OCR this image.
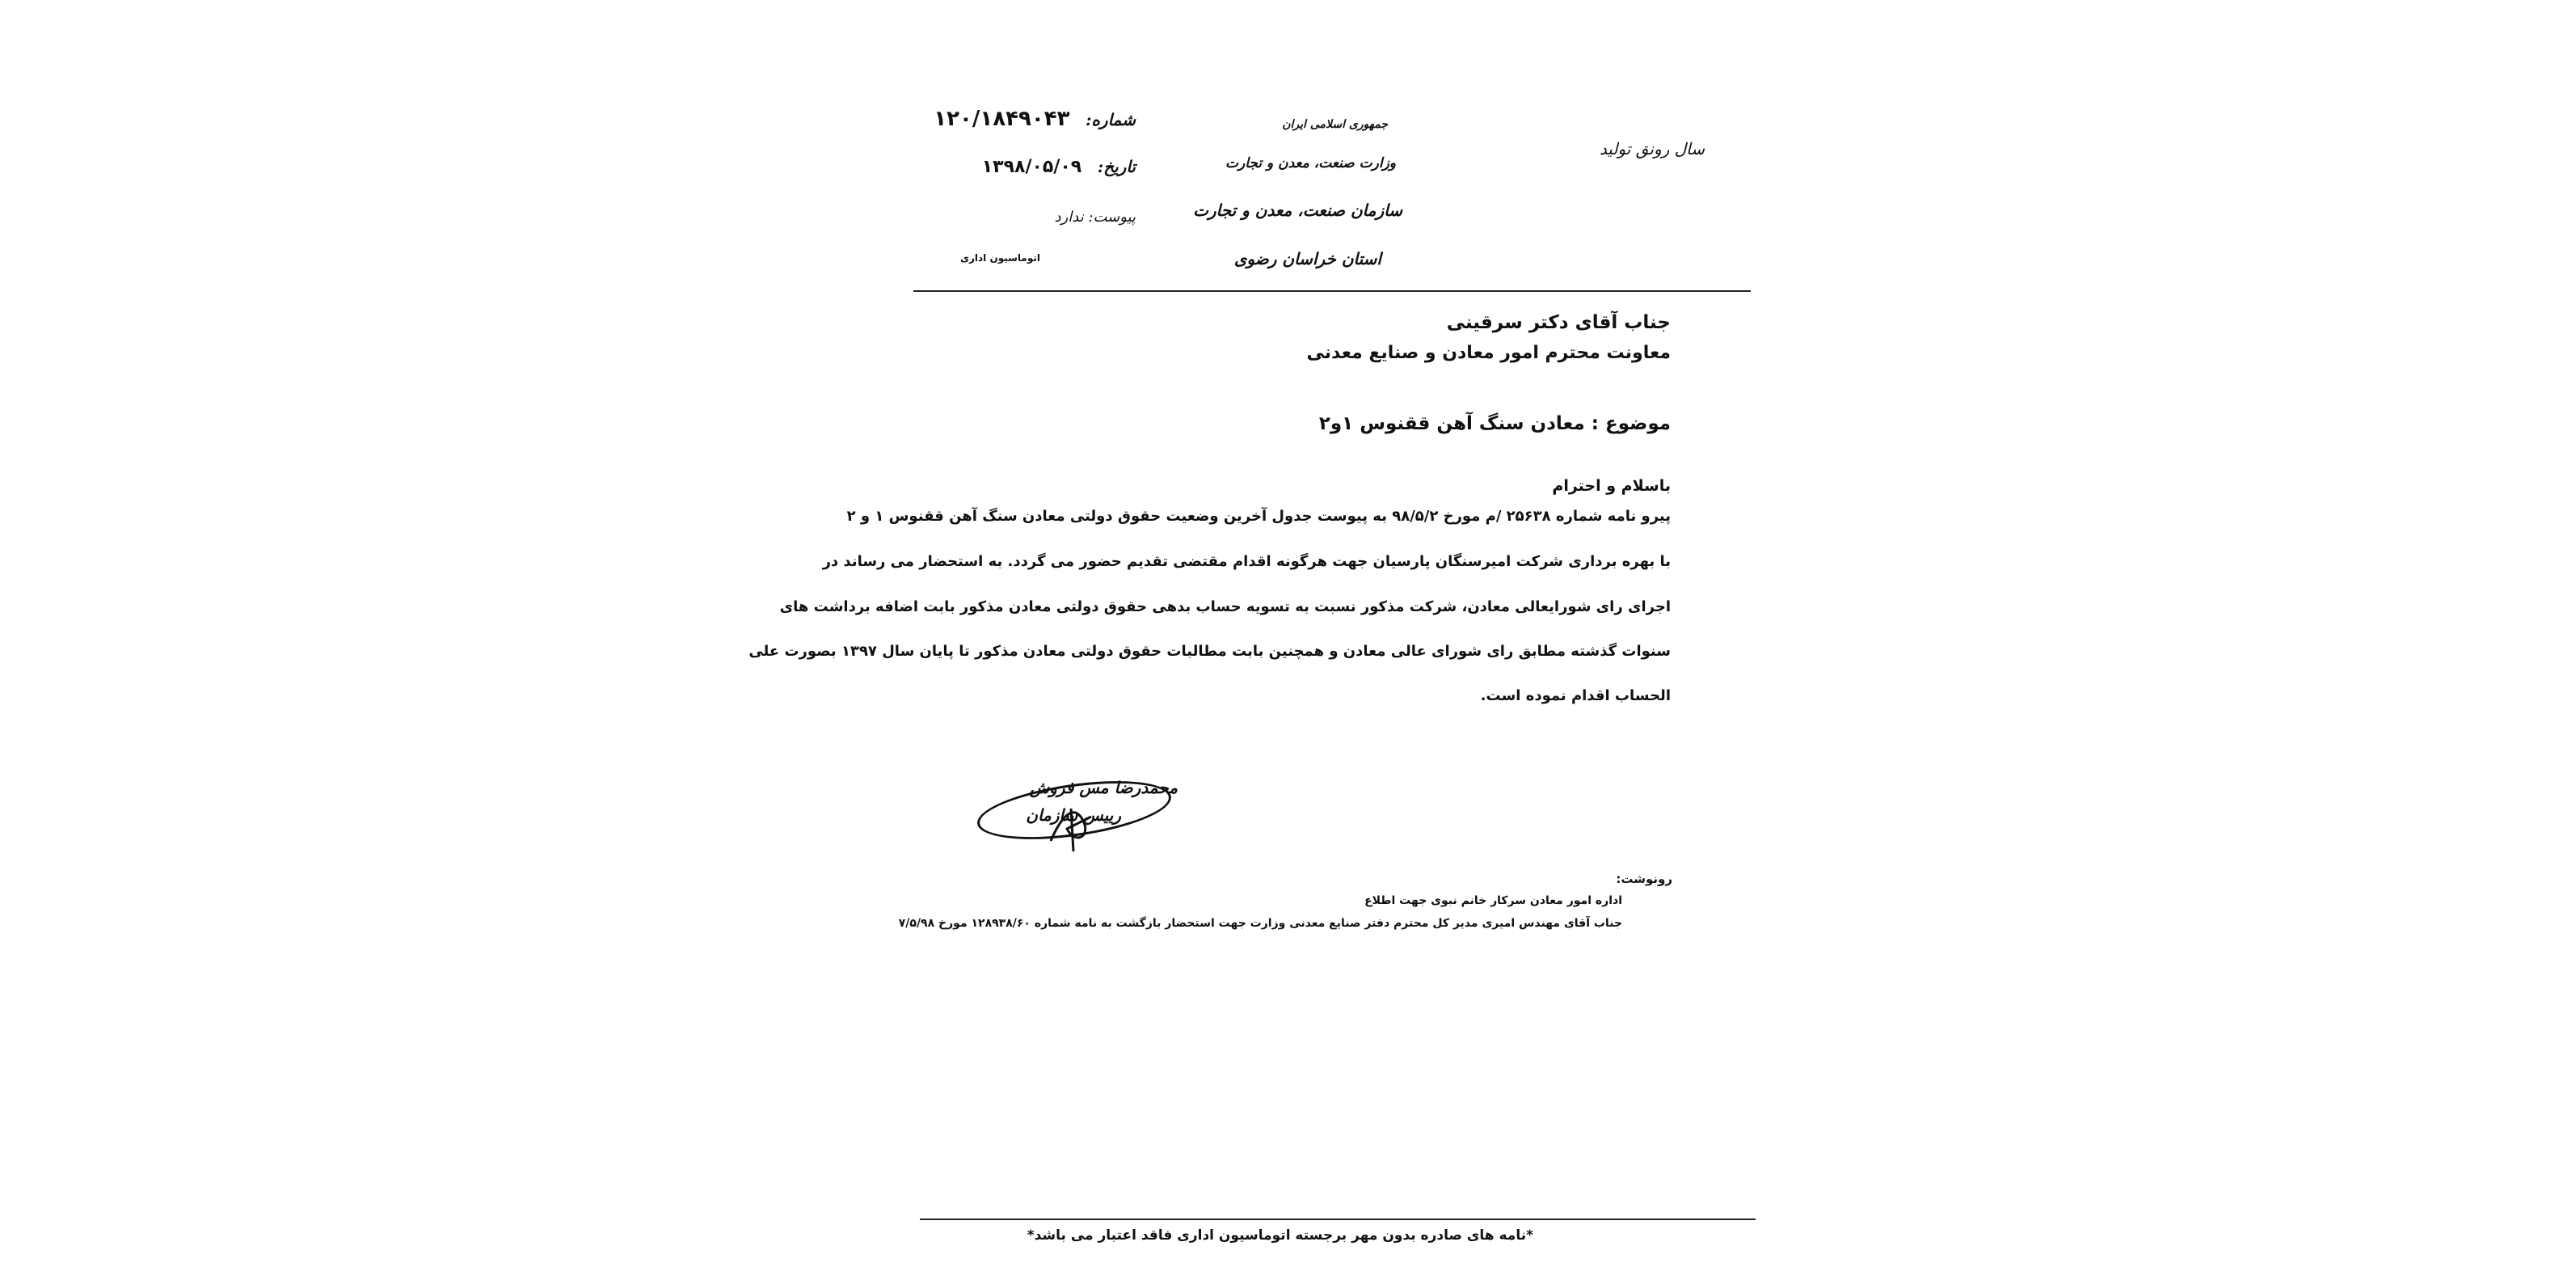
سال رونق تولید
جمهوری اسلامی ایران
وزارت صنعت، معدن و تجارت
سازمان صنعت، معدن و تجارت
استان خراسان رضوی
شماره: ۱۲۰/۱۸۴۹۰۴۳
تاریخ: ۱۳۹۸/۰۵/۰۹
پیوست: ندارد
اتوماسیون اداری
جناب آقای دکتر سرقینی
معاونت محترم امور معادن و صنایع معدنی
موضوع : معادن سنگ آهن ققنوس ۱و۲
باسلام و احترام
پیرو نامه شماره ۲۵۶۳۸ /م مورخ ۹۸/۵/۲ به پیوست جدول آخرین وضعیت حقوق دولتی معادن سنگ آهن ققنوس ۱ و ۲
با بهره برداری شرکت امیرسنگان پارسیان جهت هرگونه اقدام مقتضی تقدیم حضور می گردد. به استحضار می رساند در
اجرای رای شورایعالی معادن، شرکت مذکور نسبت به تسویه حساب بدهی حقوق دولتی معادن مذکور بابت اضافه برداشت های
سنوات گذشته مطابق رای شورای عالی معادن و همچنین بابت مطالبات حقوق دولتی معادن مذکور تا پایان سال ۱۳۹۷ بصورت علی
الحساب اقدام نموده است.
محمدرضا مس فروش
رییس سازمان
رونوشت:
اداره امور معادن سرکار خانم نبوی جهت اطلاع
جناب آقای مهندس امیری مدیر کل محترم دفتر صنایع معدنی وزارت جهت استحضار بازگشت به نامه شماره ۱۲۸۹۳۸/۶۰ مورخ ۷/۵/۹۸
*نامه های صادره بدون مهر برجسته اتوماسیون اداری فاقد اعتبار می باشد*
